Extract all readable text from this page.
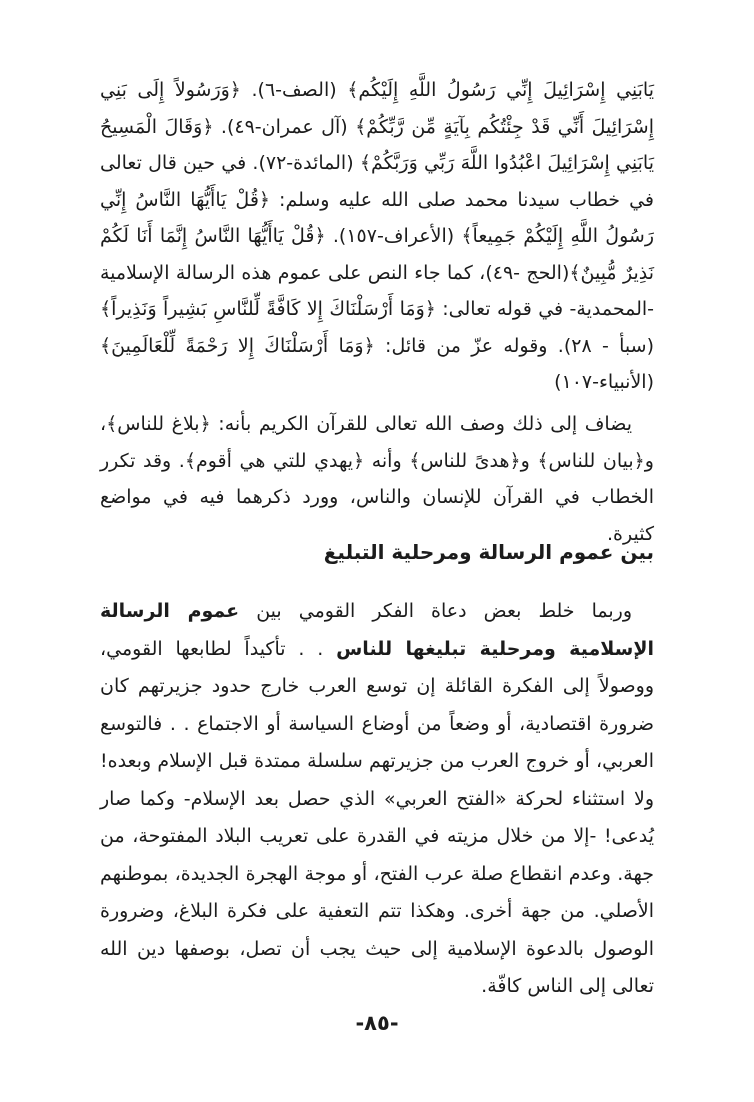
يَابَنِي إِسْرَائِيلَ إِنِّي رَسُولُ اللَّهِ إِلَيْكُم﴾ (الصف-٦). ﴿وَرَسُولاً إِلَى بَنِي إِسْرَائِيلَ أَنِّي قَدْ جِئْتُكُم بِآيَةٍ مِّن رَّبِّكُمْ﴾ (آل عمران-٤٩). ﴿وَقَالَ الْمَسِيحُ يَابَنِي إِسْرَائِيلَ اعْبُدُوا اللَّهَ رَبِّي وَرَبَّكُمْ﴾ (المائدة-٧٢). في حين قال تعالى في خطاب سيدنا محمد صلى الله عليه وسلم: ﴿قُلْ يَاأَيُّهَا النَّاسُ إِنِّي رَسُولُ اللَّهِ إِلَيْكُمْ جَمِيعاً﴾ (الأعراف-١٥٧). ﴿قُلْ يَاأَيُّهَا النَّاسُ إِنَّمَا أَنَا لَكُمْ نَذِيرٌ مُّبِينٌ﴾(الحج -٤٩)، كما جاء النص على عموم هذه الرسالة الإسلامية -المحمدية- في قوله تعالى: ﴿وَمَا أَرْسَلْنَاكَ إِلا كَافَّةً لِّلنَّاسِ بَشِيراً وَنَذِيراً﴾ (سبأ - ٢٨). وقوله عزّ من قائل: ﴿وَمَا أَرْسَلْنَاكَ إِلا رَحْمَةً لِّلْعَالَمِينَ﴾ (الأنبياء-١٠٧)

يضاف إلى ذلك وصف الله تعالى للقرآن الكريم بأنه: ﴿بلاغ للناس﴾، و﴿بيان للناس﴾ و﴿هدىً للناس﴾ وأنه ﴿يهدي للتي هي أقوم﴾. وقد تكرر الخطاب في القرآن للإنسان والناس، وورد ذكرهما فيه في مواضع كثيرة.

بين عموم الرسالة ومرحلية التبليغ

وربما خلط بعض دعاة الفكر القومي بين عموم الرسالة الإسلامية ومرحلية تبليغها للناس . . تأكيداً لطابعها القومي، ووصولاً إلى الفكرة القائلة إن توسع العرب خارج حدود جزيرتهم كان ضرورة اقتصادية، أو وضعاً من أوضاع السياسة أو الاجتماع . . فالتوسع العربي، أو خروج العرب من جزيرتهم سلسلة ممتدة قبل الإسلام وبعده! ولا استثناء لحركة «الفتح العربي» الذي حصل بعد الإسلام- وكما صار يُدعى! -إلا من خلال مزيته في القدرة على تعريب البلاد المفتوحة، من جهة. وعدم انقطاع صلة عرب الفتح، أو موجة الهجرة الجديدة، بموطنهم الأصلي. من جهة أخرى. وهكذا تتم التعفية على فكرة البلاغ، وضرورة الوصول بالدعوة الإسلامية إلى حيث يجب أن تصل، بوصفها دين الله تعالى إلى الناس كافّة.

-٨٥-
